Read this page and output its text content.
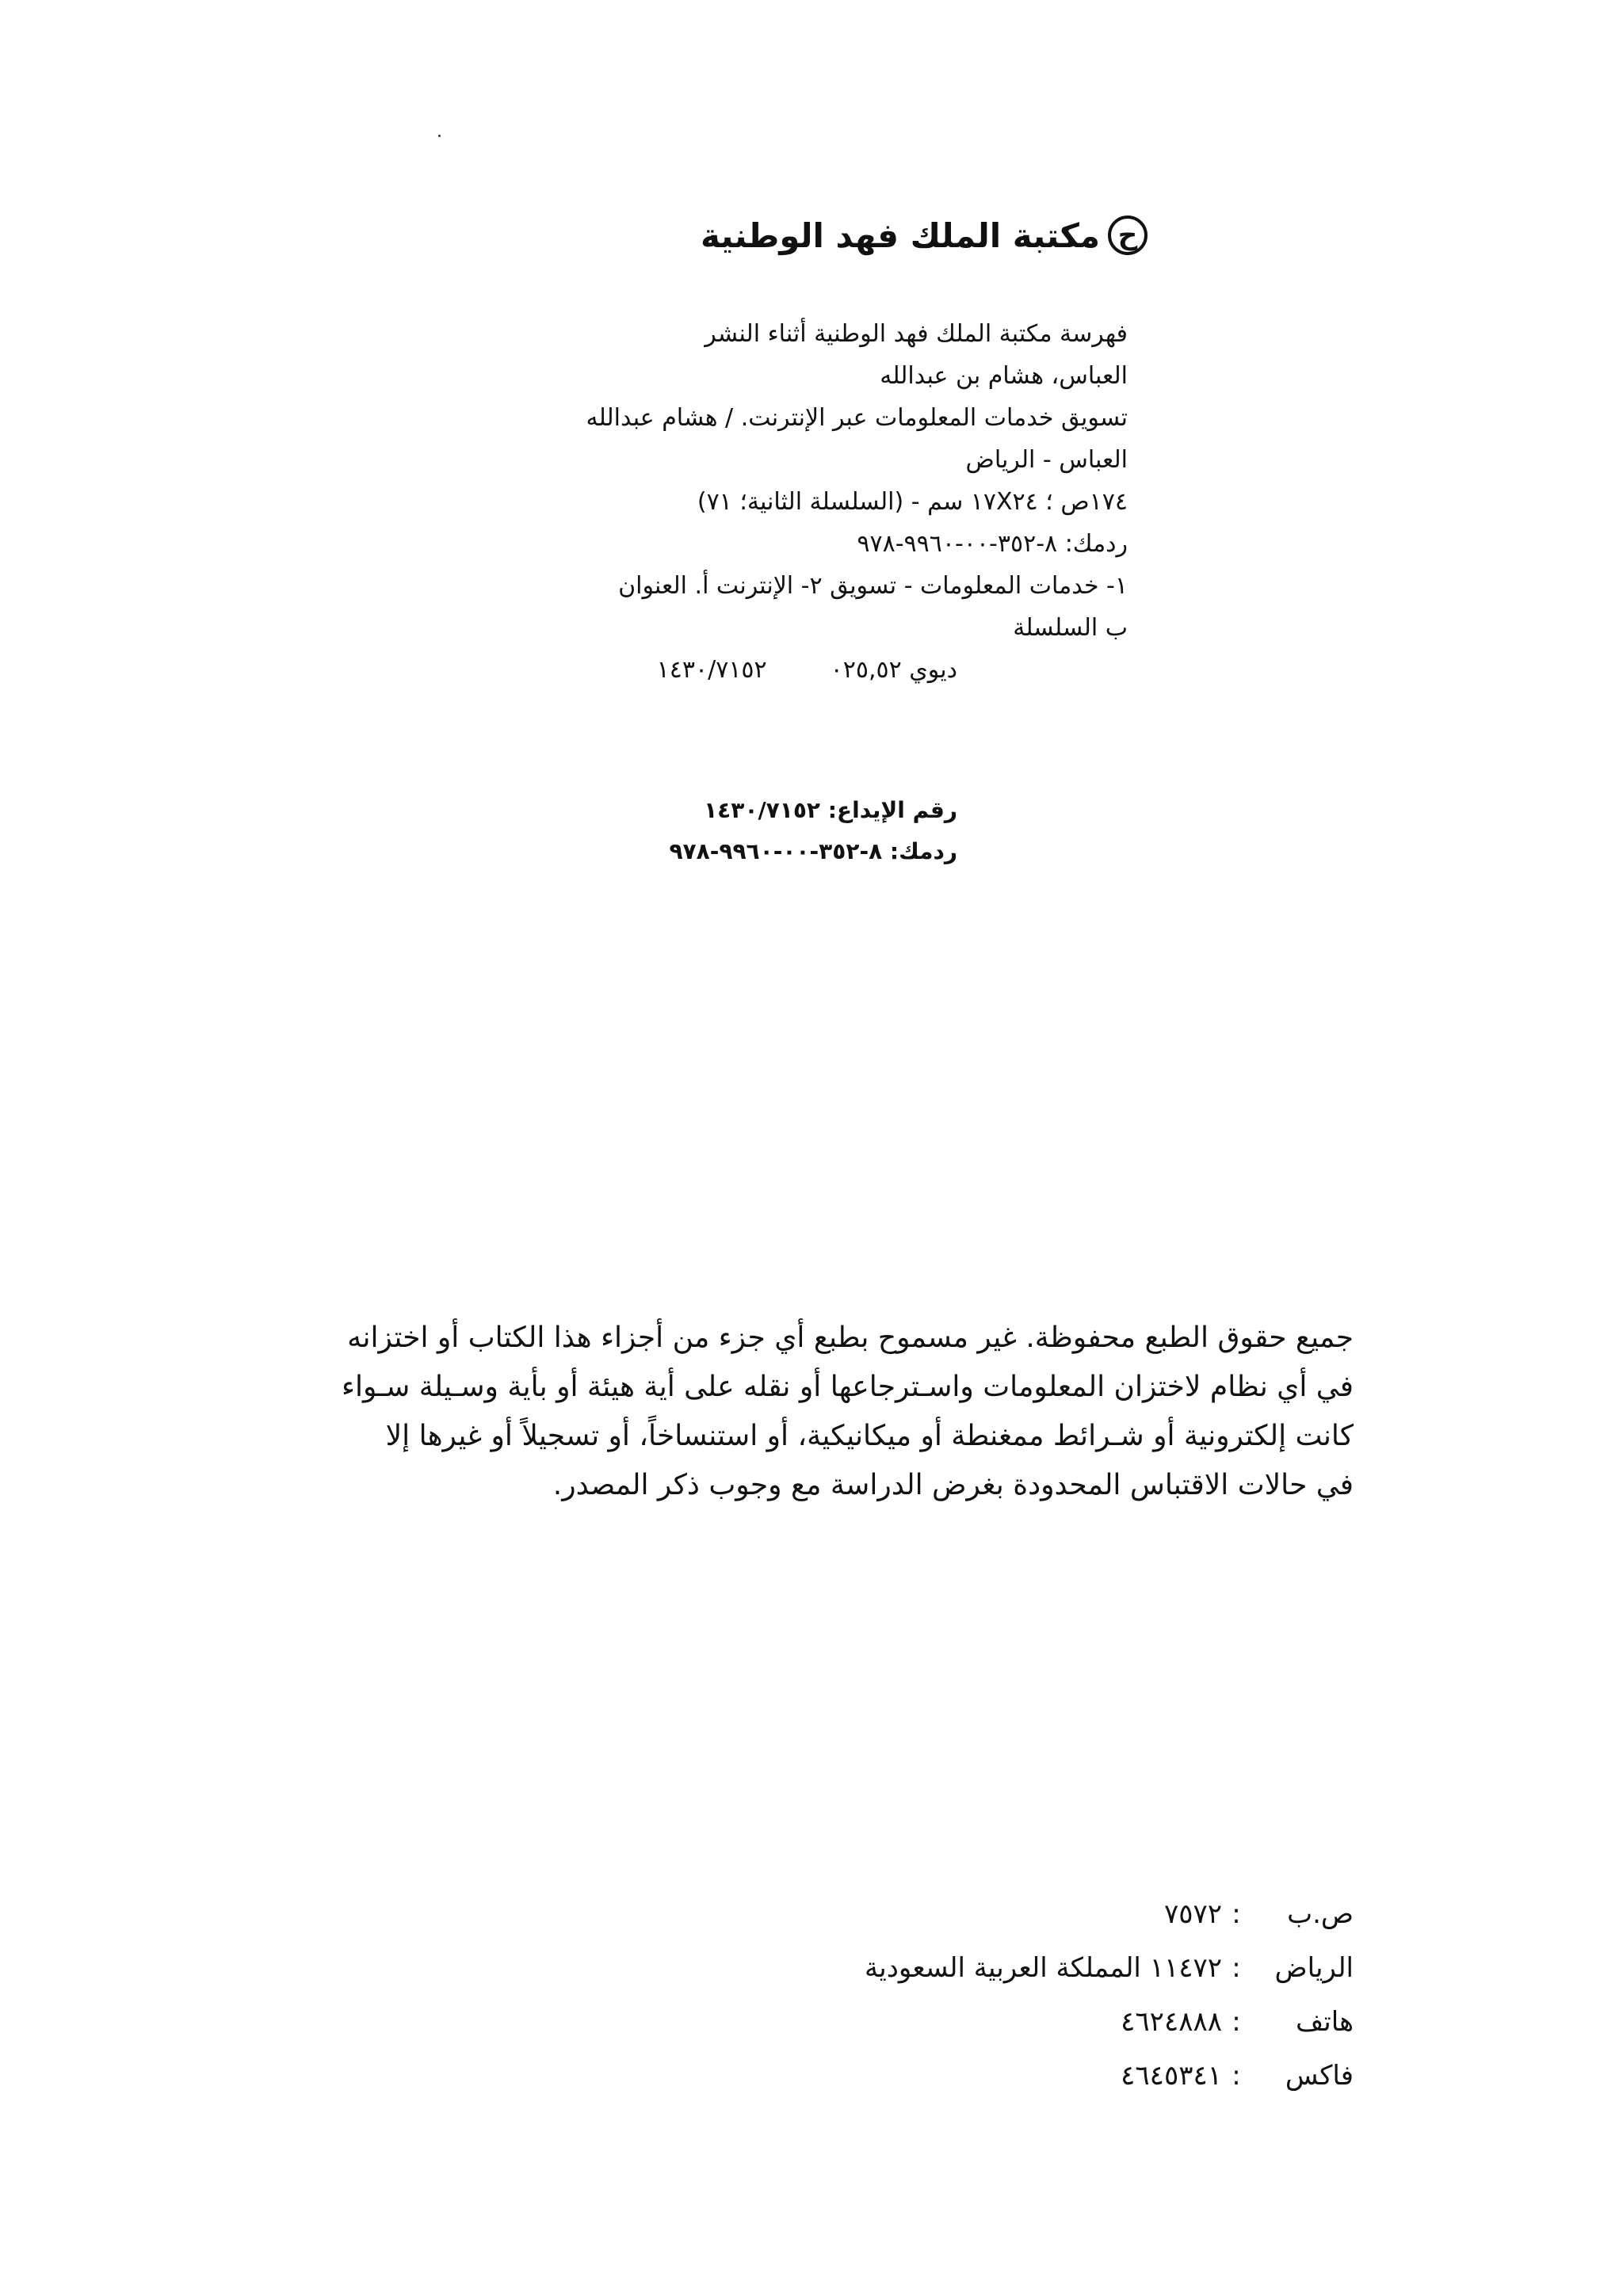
ح
مكتبة الملك فهد الوطنية
فهرسة مكتبة الملك فهد الوطنية أثناء النشر
العباس، هشام بن عبدالله
تسويق خدمات المعلومات عبر الإنترنت. / هشام عبدالله
العباس - الرياض
١٧٤ص ؛ ١٧X٢٤ سم - (السلسلة الثانية؛ ٧١)
ردمك: ٨-٣٥٢-٠٠-٩٩٦٠-٩٧٨
١- خدمات المعلومات - تسويق ٢- الإنترنت أ. العنوان
ب السلسلة
ديوي ٠٢٥,٥٢١٤٣٠/٧١٥٢
رقم الإيداع: ١٤٣٠/٧١٥٢
ردمك: ٨-٣٥٢-٠٠-٩٩٦٠-٩٧٨
جميع حقوق الطبع محفوظة. غير مسموح بطبع أي جزء من أجزاء هذا الكتاب أو اختزانه
في أي نظام لاختزان المعلومات واسـترجاعها أو نقله على أية هيئة أو بأية وسـيلة سـواء
كانت إلكترونية أو شـرائط ممغنطة أو ميكانيكية، أو استنساخاً، أو تسجيلاً أو غيرها إلا
في حالات الاقتباس المحدودة بغرض الدراسة مع وجوب ذكر المصدر.
ص.ب
:
٧٥٧٢
الرياض
:
١١٤٧٢ المملكة العربية السعودية
هاتف
:
٤٦٢٤٨٨٨
فاكس
:
٤٦٤٥٣٤١
